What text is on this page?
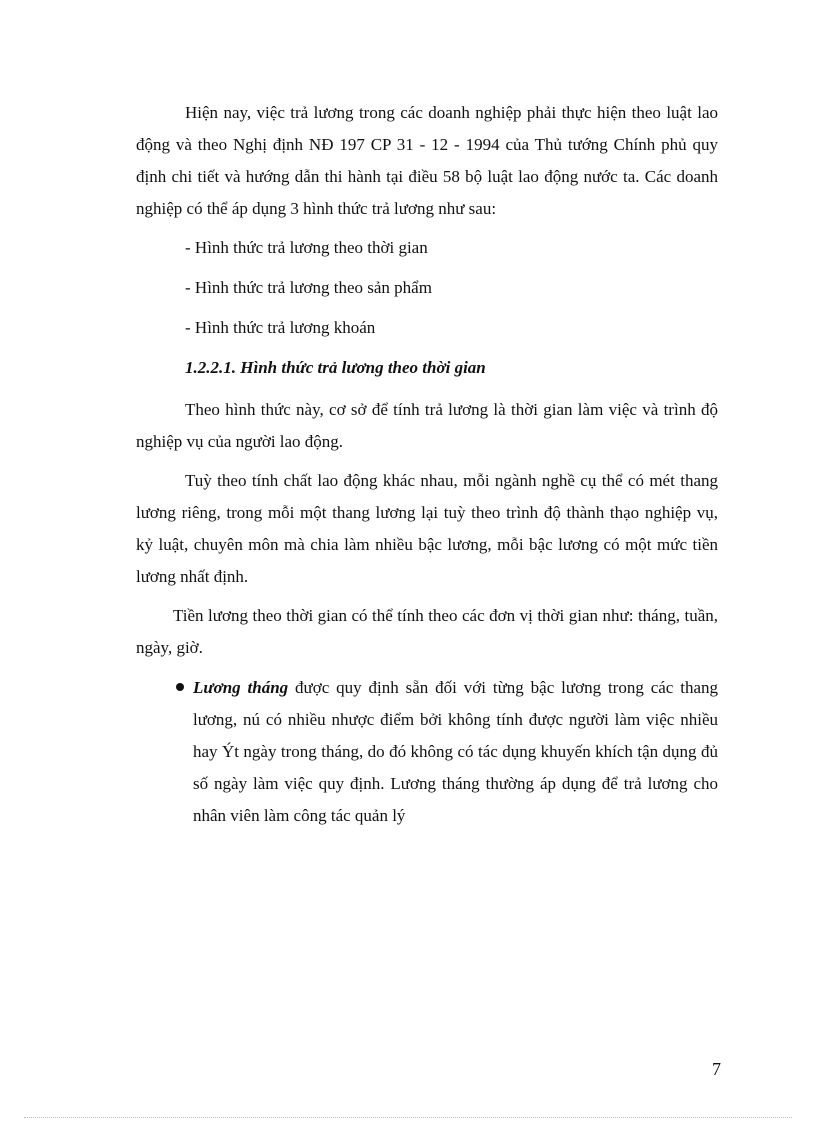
Hiện nay, việc trả lương trong các doanh nghiệp phải thực hiện theo luật lao động và theo Nghị định NĐ 197 CP 31 - 12 - 1994 của Thủ tướng Chính phủ quy định chi tiết và hướng dẫn thi hành tại điều 58 bộ luật lao động nước ta. Các doanh nghiệp có thể áp dụng 3 hình thức trả lương như sau:

- Hình thức trả lương theo thời gian

- Hình thức trả lương theo sản phẩm

- Hình thức trả lương khoán

1.2.2.1. Hình thức trả lương theo thời gian

Theo hình thức này, cơ sở để tính trả lương là thời gian làm việc và trình độ nghiệp vụ của người lao động.

Tuỳ theo tính chất lao động khác nhau, mỗi ngành nghề cụ thể có mét thang lương riêng, trong mỗi một thang lương lại tuỳ theo trình độ thành thạo nghiệp vụ, kỷ luật, chuyên môn mà chia làm nhiều bậc lương, mỗi bậc lương có một mức tiền lương nhất định.

Tiền lương theo thời gian có thể tính theo các đơn vị thời gian như: tháng, tuần, ngày, giờ.

Lương tháng được quy định sẵn đối với từng bậc lương trong các thang lương, nú có nhiều nhược điểm bởi không tính được người làm việc nhiều hay Ýt ngày trong tháng, do đó không có tác dụng khuyến khích tận dụng đủ số ngày làm việc quy định. Lương tháng thường áp dụng để trả lương cho nhân viên làm công tác quản lý
7
